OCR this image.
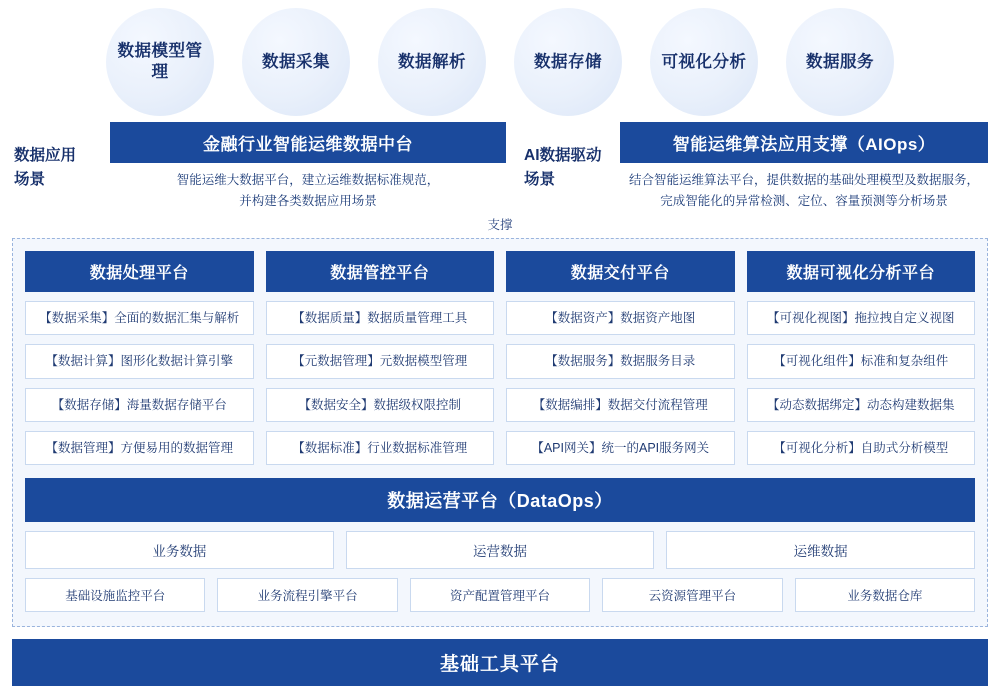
数据模型管理
数据采集	数据解析	数据存储	可视化分析	数据服务
数据应用
场景
金融行业智能运维数据中台
智能运维大数据平台，建立运维数据标准规范，
并构建各类数据应用场景
AI数据驱动
场景
智能运维算法应用支撑（AIOps）
结合智能运维算法平台，提供数据的基础处理模型及数据服务，
完成智能化的异常检测、定位、容量预测等分析场景
支撑
数据处理平台
【数据采集】全面的数据汇集与解析
【数据计算】图形化数据计算引擎
【数据存储】海量数据存储平台
【数据管理】方便易用的数据管理
数据管控平台
【数据质量】数据质量管理工具
【元数据管理】元数据模型管理
【数据安全】数据级权限控制
【数据标准】行业数据标准管理
数据交付平台
【数据资产】数据资产地图
【数据服务】数据服务目录
【数据编排】数据交付流程管理
【API网关】统一的API服务网关
数据可视化分析平台
【可视化视图】拖拉拽自定义视图
【可视化组件】标准和复杂组件
【动态数据绑定】动态构建数据集
【可视化分析】自助式分析模型
数据运营平台（DataOps）
业务数据	运营数据	运维数据
基础设施监控平台	业务流程引擎平台	资产配置管理平台	云资源管理平台	业务数据仓库
基础工具平台
